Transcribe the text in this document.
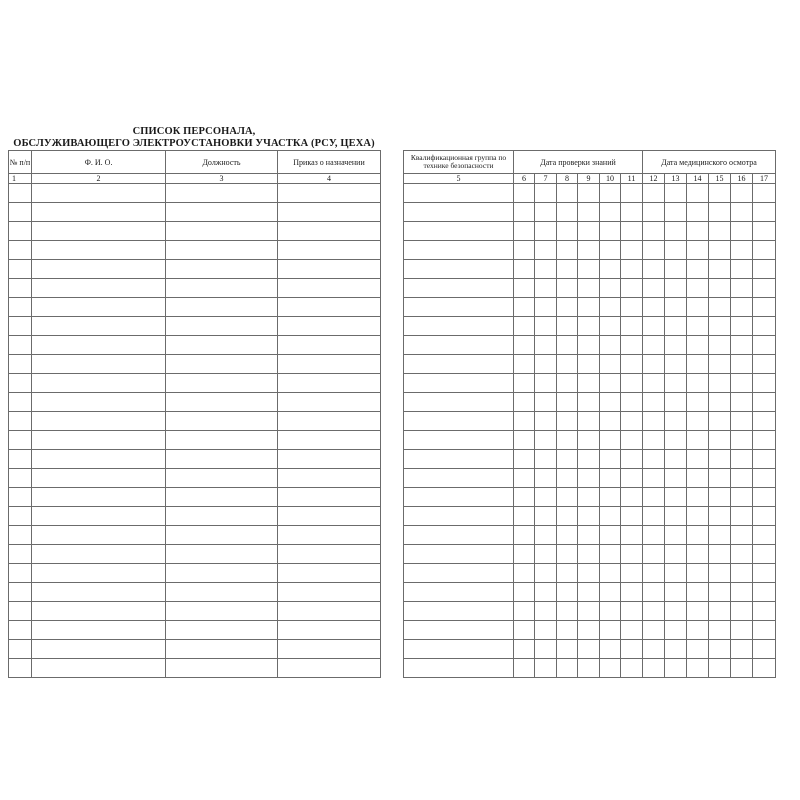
СПИСОК ПЕРСОНАЛА,
ОБСЛУЖИВАЮЩЕГО ЭЛЕКТРОУСТАНОВКИ УЧАСТКА (РСУ, ЦЕХА)
№ п/п	Ф. И. О.	Должность	Приказ о назначении
1	2	3	4

Квалификационная группа по технике безопасности	Дата проверки знаний						Дата медицинского осмотра					
5	6	7	8	9	10	11	12	13	14	15	16	17
